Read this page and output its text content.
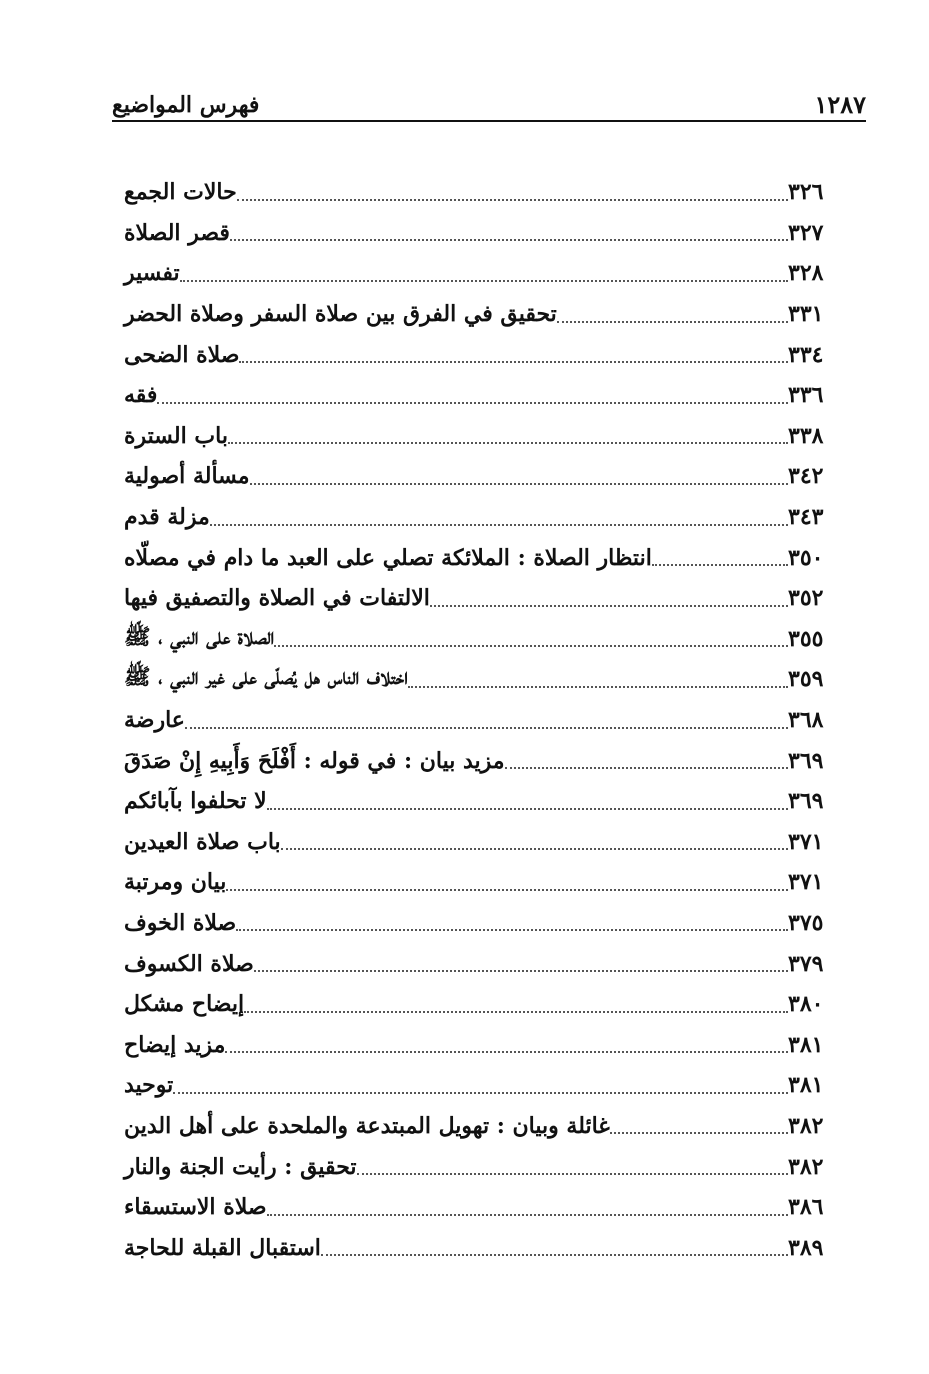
١٢٨٧
فهرس المواضيع
حالات الجمع	٣٢٦
قصر الصلاة	٣٢٧
تفسير	٣٢٨
تحقيق في الفرق بين صلاة السفر وصلاة الحضر	٣٣١
صلاة الضحى	٣٣٤
فقه	٣٣٦
باب السترة	٣٣٨
مسألة أصولية	٣٤٢
مزلة قدم	٣٤٣
انتظار الصلاة : الملائكة تصلي على العبد ما دام في مصلّاه	٣٥٠
الالتفات في الصلاة والتصفيق فيها	٣٥٢
الصلاة على النبي ، ﷺ	٣٥٥
اختلاف الناس هل يُصلّى على غير النبي ، ﷺ	٣٥٩
عارضة	٣٦٨
مزيد بيان : في قوله : أَفْلَحَ وَأَبِيهِ إِنْ صَدَقَ	٣٦٩
لا تحلفوا بآبائكم	٣٦٩
باب صلاة العيدين	٣٧١
بيان ومرتبة	٣٧١
صلاة الخوف	٣٧٥
صلاة الكسوف	٣٧٩
إيضاح مشكل	٣٨٠
مزيد إيضاح	٣٨١
توحيد	٣٨١
غائلة وبيان : تهويل المبتدعة والملحدة على أهل الدين	٣٨٢
تحقيق : رأيت الجنة والنار	٣٨٢
صلاة الاستسقاء	٣٨٦
استقبال القبلة للحاجة	٣٨٩
